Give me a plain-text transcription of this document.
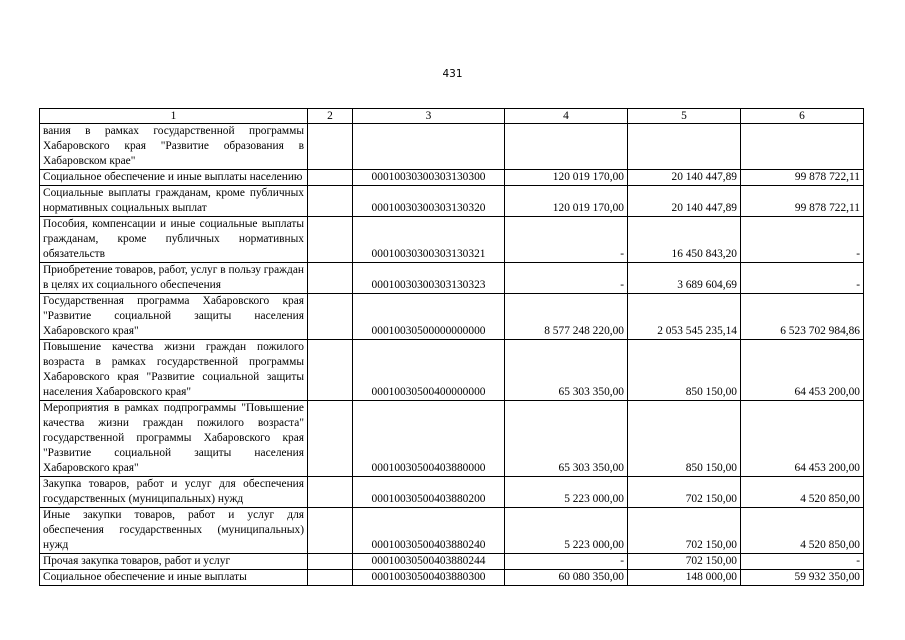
431
1	2	3	4	5	6
вания в рамках государственной программы Хабаровского края "Развитие образования в Хабаровском крае"					
Социальное обеспечение и иные выплаты населению		00010030300303130300	120 019 170,00	20 140 447,89	99 878 722,11
Социальные выплаты гражданам, кроме публичных нормативных социальных выплат		00010030300303130320	120 019 170,00	20 140 447,89	99 878 722,11
Пособия, компенсации и иные социальные выплаты гражданам, кроме публичных нормативных обязательств		00010030300303130321	-	16 450 843,20	-
Приобретение товаров, работ, услуг в пользу граждан в целях их социального обеспечения		00010030300303130323	-	3 689 604,69	-
Государственная программа Хабаровского края "Развитие социальной защиты населения Хабаровского края"		00010030500000000000	8 577 248 220,00	2 053 545 235,14	6 523 702 984,86
Повышение качества жизни граждан пожилого возраста в рамках государственной программы Хабаровского края "Развитие социальной защиты населения Хабаровского края"		00010030500400000000	65 303 350,00	850 150,00	64 453 200,00
Мероприятия в рамках подпрограммы "Повышение качества жизни граждан пожилого возраста" государственной программы Хабаровского края "Развитие социальной защиты населения Хабаровского края"		00010030500403880000	65 303 350,00	850 150,00	64 453 200,00
Закупка товаров, работ и услуг для обеспечения государственных (муниципальных) нужд		00010030500403880200	5 223 000,00	702 150,00	4 520 850,00
Иные закупки товаров, работ и услуг для обеспечения государственных (муниципальных) нужд		00010030500403880240	5 223 000,00	702 150,00	4 520 850,00
Прочая закупка товаров, работ и услуг		00010030500403880244	-	702 150,00	-
Социальное обеспечение и иные выплаты		00010030500403880300	60 080 350,00	148 000,00	59 932 350,00
